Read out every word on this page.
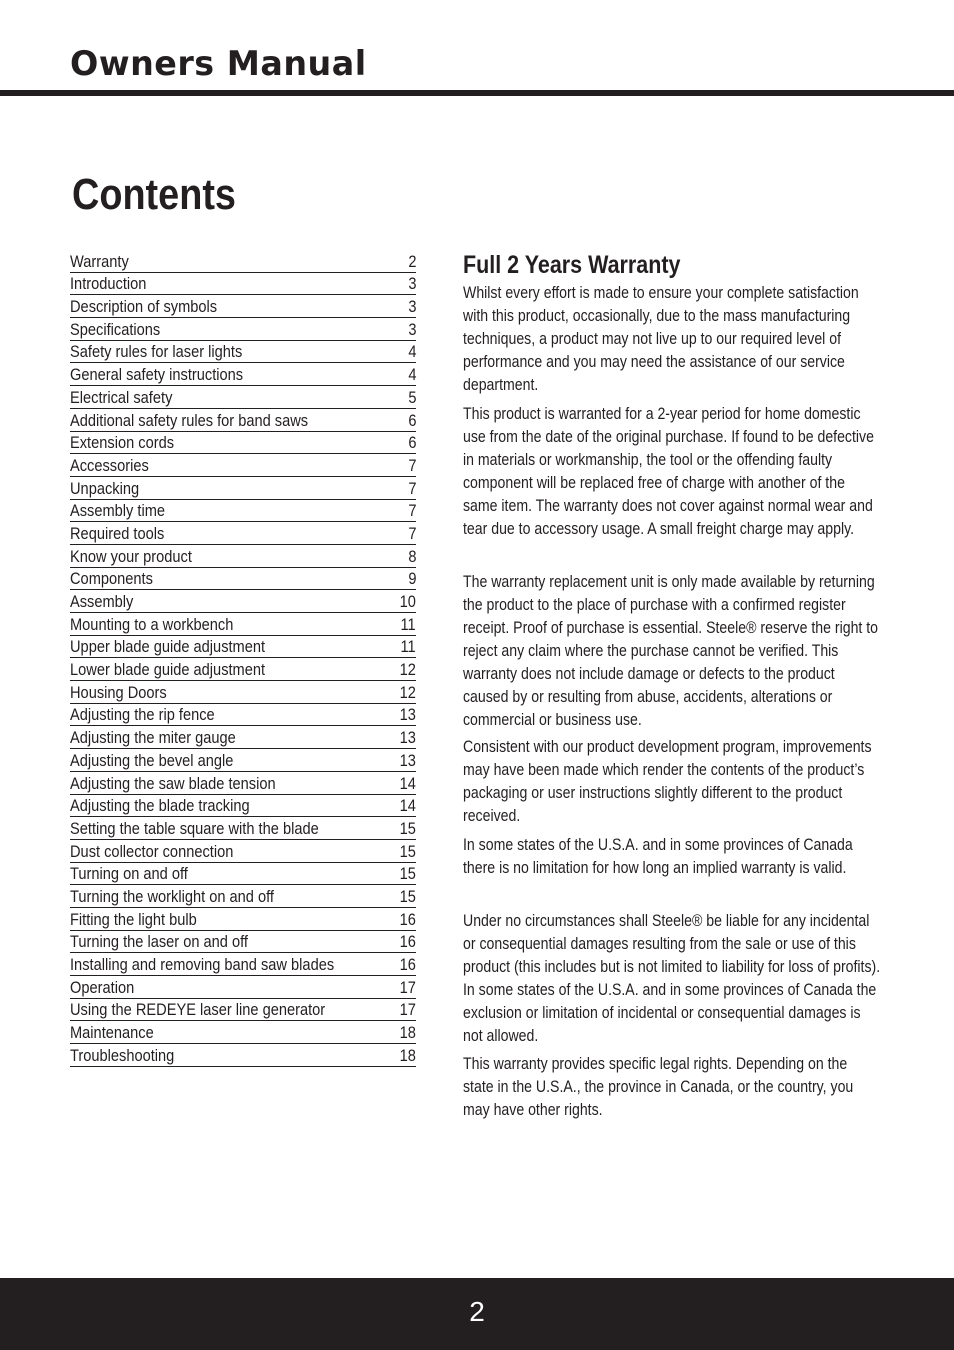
Owners Manual
Contents
Warranty	2
Introduction	3
Description of symbols	3
Specifications	3
Safety rules for laser lights	4
General safety instructions	4
Electrical safety	5
Additional safety rules for band saws	6
Extension cords	6
Accessories	7
Unpacking	7
Assembly time	7
Required tools	7
Know your product	8
Components	9
Assembly	10
Mounting to a workbench	11
Upper blade guide adjustment	11
Lower blade guide adjustment	12
Housing Doors	12
Adjusting the rip fence	13
Adjusting the miter gauge	13
Adjusting the bevel angle	13
Adjusting the saw blade tension	14
Adjusting the blade tracking	14
Setting the table square with the blade	15
Dust collector connection	15
Turning on and off	15
Turning the worklight on and off	15
Fitting the light bulb	16
Turning the laser on and off	16
Installing and removing band saw blades	16
Operation	17
Using the REDEYE laser line generator	17
Maintenance	18
Troubleshooting	18
Full 2 Years Warranty

Whilst every effort is made to ensure your complete satisfaction with this product, occasionally, due to the mass manufacturing techniques, a product may not live up to our required level of performance and you may need the assistance of our service department.

This product is warranted for a 2-year period for home domestic use from the date of the original purchase. If found to be defective in materials or workmanship, the tool or the offending faulty component will be replaced free of charge with another of the same item. The warranty does not cover against normal wear and tear due to accessory usage. A small freight charge may apply.

The warranty replacement unit is only made available by returning the product to the place of purchase with a confirmed register receipt. Proof of purchase is essential. Steele® reserve the right to reject any claim where the purchase cannot be verified. This warranty does not include damage or defects to the product caused by or resulting from abuse, accidents, alterations or commercial or business use.

Consistent with our product development program, improvements may have been made which render the contents of the product’s packaging or user instructions slightly different to the product received.

In some states of the U.S.A. and in some provinces of Canada there is no limitation for how long an implied warranty is valid.

Under no circumstances shall Steele® be liable for any incidental or consequential damages resulting from the sale or use of this product (this includes but is not limited to liability for loss of profits). In some states of the U.S.A. and in some provinces of Canada the exclusion or limitation of incidental or consequential damages is not allowed.

This warranty provides specific legal rights. Depending on the state in the U.S.A., the province in Canada, or the country, you may have other rights.

2
